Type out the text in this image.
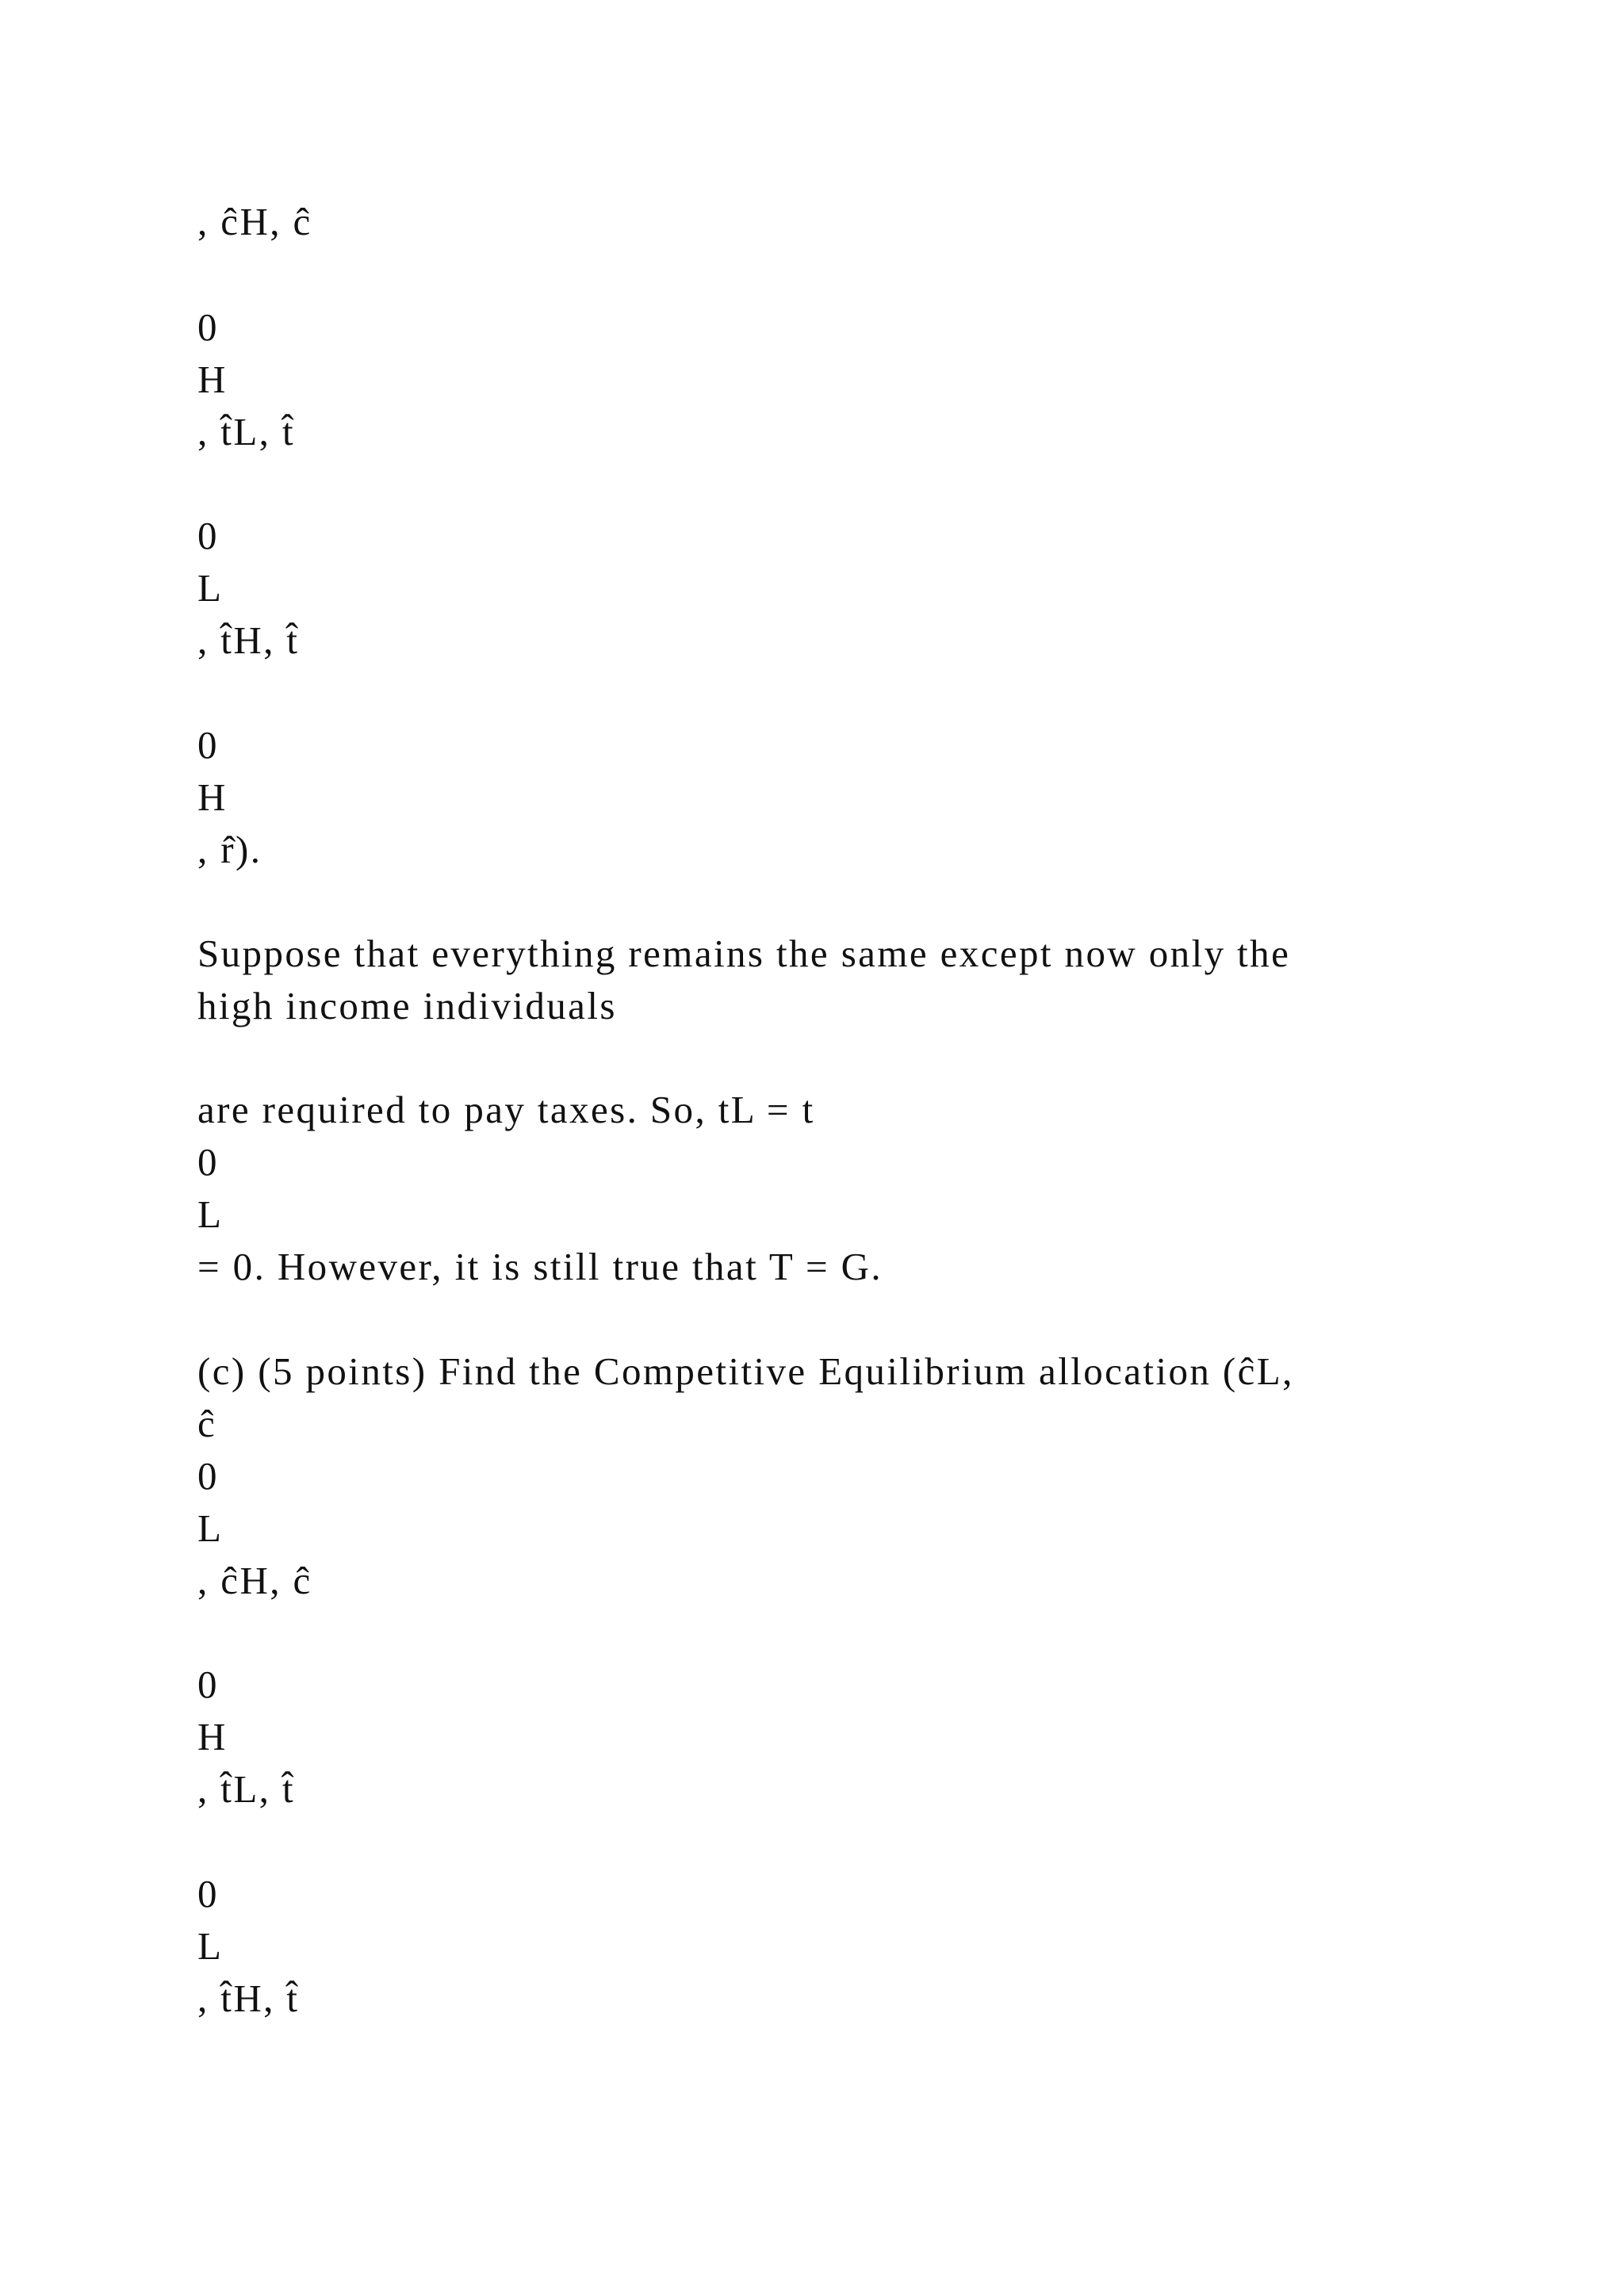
, ĉH, ĉ
0
H
, t̂L, t̂
0
L
, t̂H, t̂
0
H
, r̂).
Suppose that everything remains the same except now only the
high income individuals
are required to pay taxes. So, tL = t
0
L
= 0. However, it is still true that T = G.
(c) (5 points) Find the Competitive Equilibrium allocation (ĉL,
ĉ
0
L
, ĉH, ĉ
0
H
, t̂L, t̂
0
L
, t̂H, t̂
